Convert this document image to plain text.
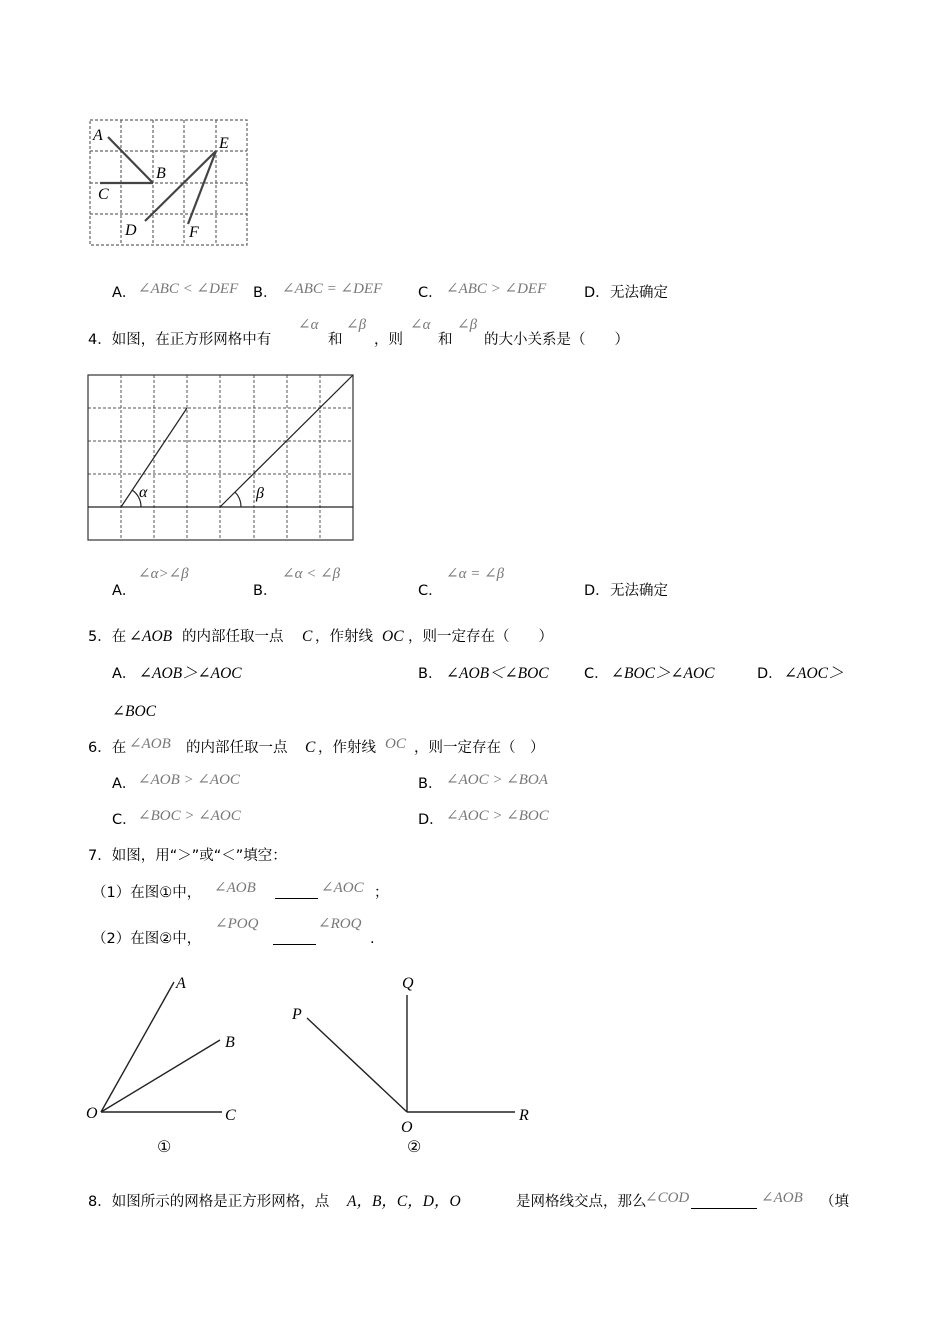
A
B
C
D
E
F
A． ∠ABC < ∠DEF B． ∠ABC = ∠DEF C． ∠ABC > ∠DEF	D． 无法确定
4．如图，在正方形网格中有
∠α
和
∠β
，则
∠α
和
∠β
的大小关系是（　　）
α	β
A．
∠α>∠β
B．
∠α < ∠β
C．
∠α = ∠β
D． 无法确定
5．在 ∠AOB 的内部任取一点 C ，作射线 OC ，则一定存在（　　）
A． ∠AOB＞∠AOC	B． ∠AOB＜∠BOC C． ∠BOC＞∠AOC	D． ∠AOC＞
∠BOC
6．在 ∠AOB 的内部任取一点 C ，作射线 OC ，则一定存在（　）
A． ∠AOB > ∠AOC	B． ∠AOC > ∠BOA
C． ∠BOC > ∠AOC	D． ∠AOC > ∠BOC
7．如图，用“＞”或“＜”填空：
（1）在图①中， ∠AOB	∠AOC ；
（2）在图②中，
∠POQ	∠ROQ
.
A
B
C
O
①
P
Q
R
O
②
8．如图所示的网格是正方形网格，点 A，B，C，D，O	是网格线交点，那么
∠COD	∠AOB （填
